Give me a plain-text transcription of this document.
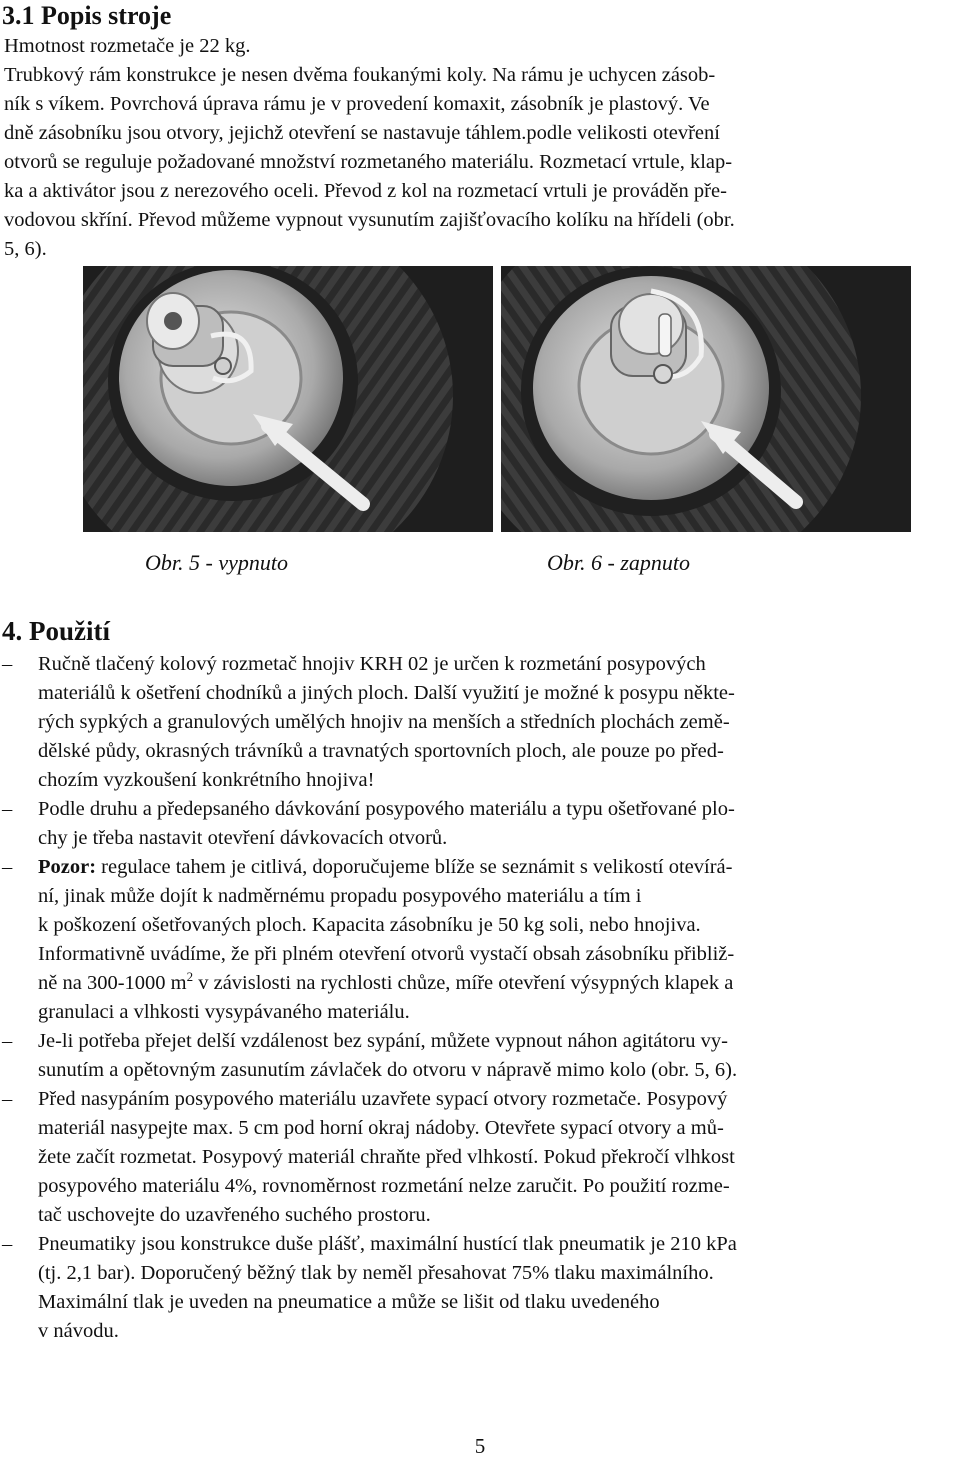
3.1 Popis stroje

Hmotnost rozmetače je 22 kg.
Trubkový rám konstrukce je nesen dvěma foukanými koly. Na rámu je uchycen zásob-
ník s víkem. Povrchová úprava rámu je v provedení komaxit, zásobník je plastový. Ve
dně zásobníku jsou otvory, jejichž otevření se nastavuje táhlem.podle velikosti otevření
otvorů se reguluje požadované množství rozmetaného materiálu. Rozmetací vrtule, klap-
ka a aktivátor jsou z nerezového oceli. Převod z kol na rozmetací vrtuli je prováděn pře-
vodovou skříní. Převod můžeme vypnout vysunutím zajišťovacího kolíku na hřídeli (obr.
5, 6).

Obr. 5 - vypnuto	Obr. 6 - zapnuto
4. Použití
– Ručně tlačený kolový rozmetač hnojiv KRH 02 je určen k rozmetání posypových
materiálů k ošetření chodníků a jiných ploch. Další využití je možné k posypu někte-
rých sypkých a granulových umělých hnojiv na menších a středních plochách země-
dělské půdy, okrasných trávníků a travnatých sportovních ploch, ale pouze po před-
chozím vyzkoušení konkrétního hnojiva!
– Podle druhu a předepsaného dávkování posypového materiálu a typu ošetřované plo-
chy je třeba nastavit otevření dávkovacích otvorů.
– Pozor: regulace tahem je citlivá, doporučujeme blíže se seznámit s velikostí otevírá-
ní, jinak může dojít k nadměrnému propadu posypového materiálu a tím i
k poškození ošetřovaných ploch. Kapacita zásobníku je 50 kg soli, nebo hnojiva.
Informativně uvádíme, že při plném otevření otvorů vystačí obsah zásobníku přibliž-
ně na 300-1000 $m^2$ v závislosti na rychlosti chůze, míře otevření výsypných klapek a
granulaci a vlhkosti vysypávaného materiálu.
– Je-li potřeba přejet delší vzdálenost bez sypání, můžete vypnout náhon agitátoru vy-
sunutím a opětovným zasunutím závlaček do otvoru v nápravě mimo kolo (obr. 5, 6).
– Před nasypáním posypového materiálu uzavřete sypací otvory rozmetače. Posypový
materiál nasypejte max. 5 cm pod horní okraj nádoby. Otevřete sypací otvory a mů-
žete začít rozmetat. Posypový materiál chraňte před vlhkostí. Pokud překročí vlhkost
posypového materiálu 4%, rovnoměrnost rozmetání nelze zaručit. Po použití rozme-
tač uschovejte do uzavřeného suchého prostoru.
– Pneumatiky jsou konstrukce duše plášť, maximální hustící tlak pneumatik je 210 kPa
(tj. 2,1 bar). Doporučený běžný tlak by neměl přesahovat 75% tlaku maximálního.
Maximální tlak je uveden na pneumatice a může se lišit od tlaku uvedeného
v návodu.
5
